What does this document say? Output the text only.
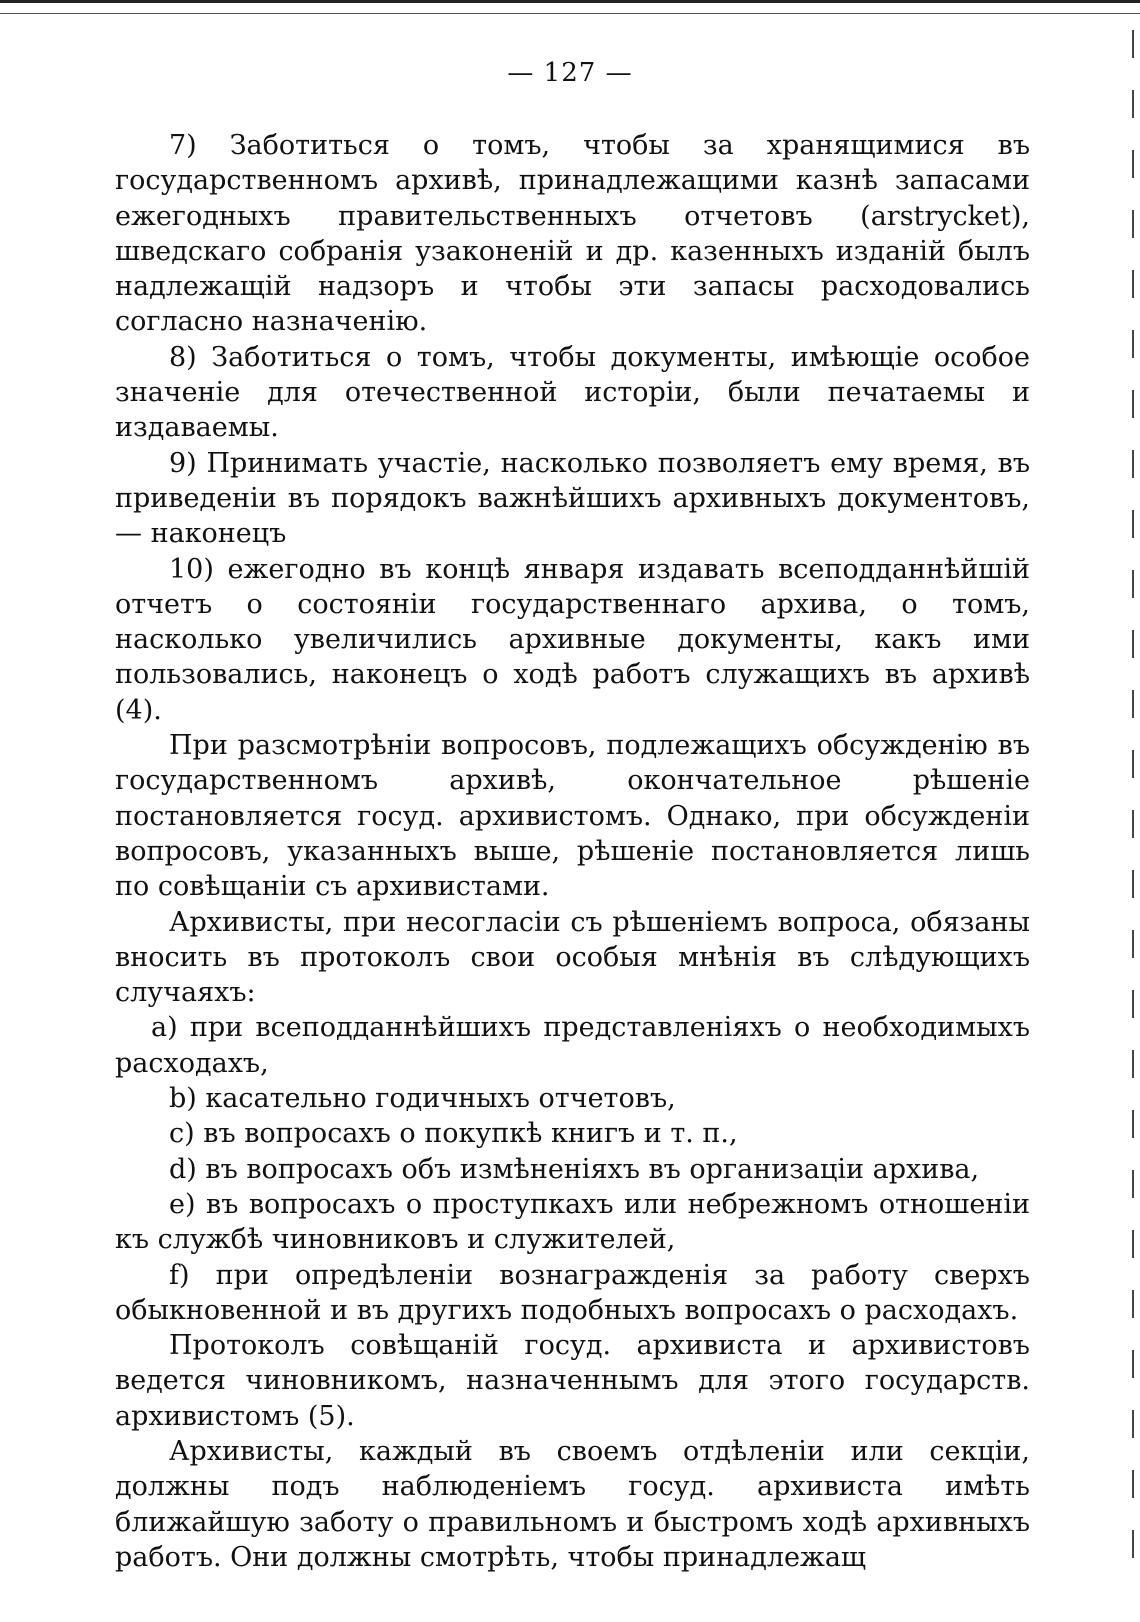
— 127 —

7) Заботиться о томъ, чтобы за хранящимися въ государственномъ архивѣ, принадлежащими казнѣ запасами ежегодныхъ правительственныхъ отчетовъ (arstrycket), шведскаго собранія узаконеній и др. казенныхъ изданій былъ надлежащій надзоръ и чтобы эти запасы расходовались согласно назначенію.

8) Заботиться о томъ, чтобы документы, имѣющіе особое значеніе для отечественной исторіи, были печатаемы и издаваемы.

9) Принимать участіе, насколько позволяетъ ему время, въ приведеніи въ порядокъ важнѣйшихъ архивныхъ документовъ, — наконецъ

10) ежегодно въ концѣ января издавать всеподданнѣйшій отчетъ о состояніи государственнаго архива, о томъ, насколько увеличились архивные документы, какъ ими пользовались, наконецъ о ходѣ работъ служащихъ въ архивѣ (4).

При разсмотрѣніи вопросовъ, подлежащихъ обсужденію въ государственномъ архивѣ, окончательное рѣшеніе постановляется госуд. архивистомъ. Однако, при обсужденіи вопросовъ, указанныхъ выше, рѣшеніе постановляется лишь по совѣщаніи съ архивистами.

Архивисты, при несогласіи съ рѣшеніемъ вопроса, обязаны вносить въ протоколъ свои особыя мнѣнія въ слѣдующихъ случаяхъ:

а) при всеподданнѣйшихъ представленіяхъ о необходимыхъ расходахъ,

b) касательно годичныхъ отчетовъ,

c) въ вопросахъ о покупкѣ книгъ и т. п.,

d) въ вопросахъ объ измѣненіяхъ въ организаціи архива,

e) въ вопросахъ о проступкахъ или небрежномъ отношеніи къ службѣ чиновниковъ и служителей,

f) при опредѣленіи вознагражденія за работу сверхъ обыкновенной и въ другихъ подобныхъ вопросахъ о расходахъ.

Протоколъ совѣщаній госуд. архивиста и архивистовъ ведется чиновникомъ, назначеннымъ для этого государств. архивистомъ (5).

Архивисты, каждый въ своемъ отдѣленіи или секціи, должны подъ наблюденіемъ госуд. архивиста имѣть ближайшую заботу о правильномъ и быстромъ ходѣ архивныхъ работъ. Они должны смотрѣть, чтобы принадлежащ
